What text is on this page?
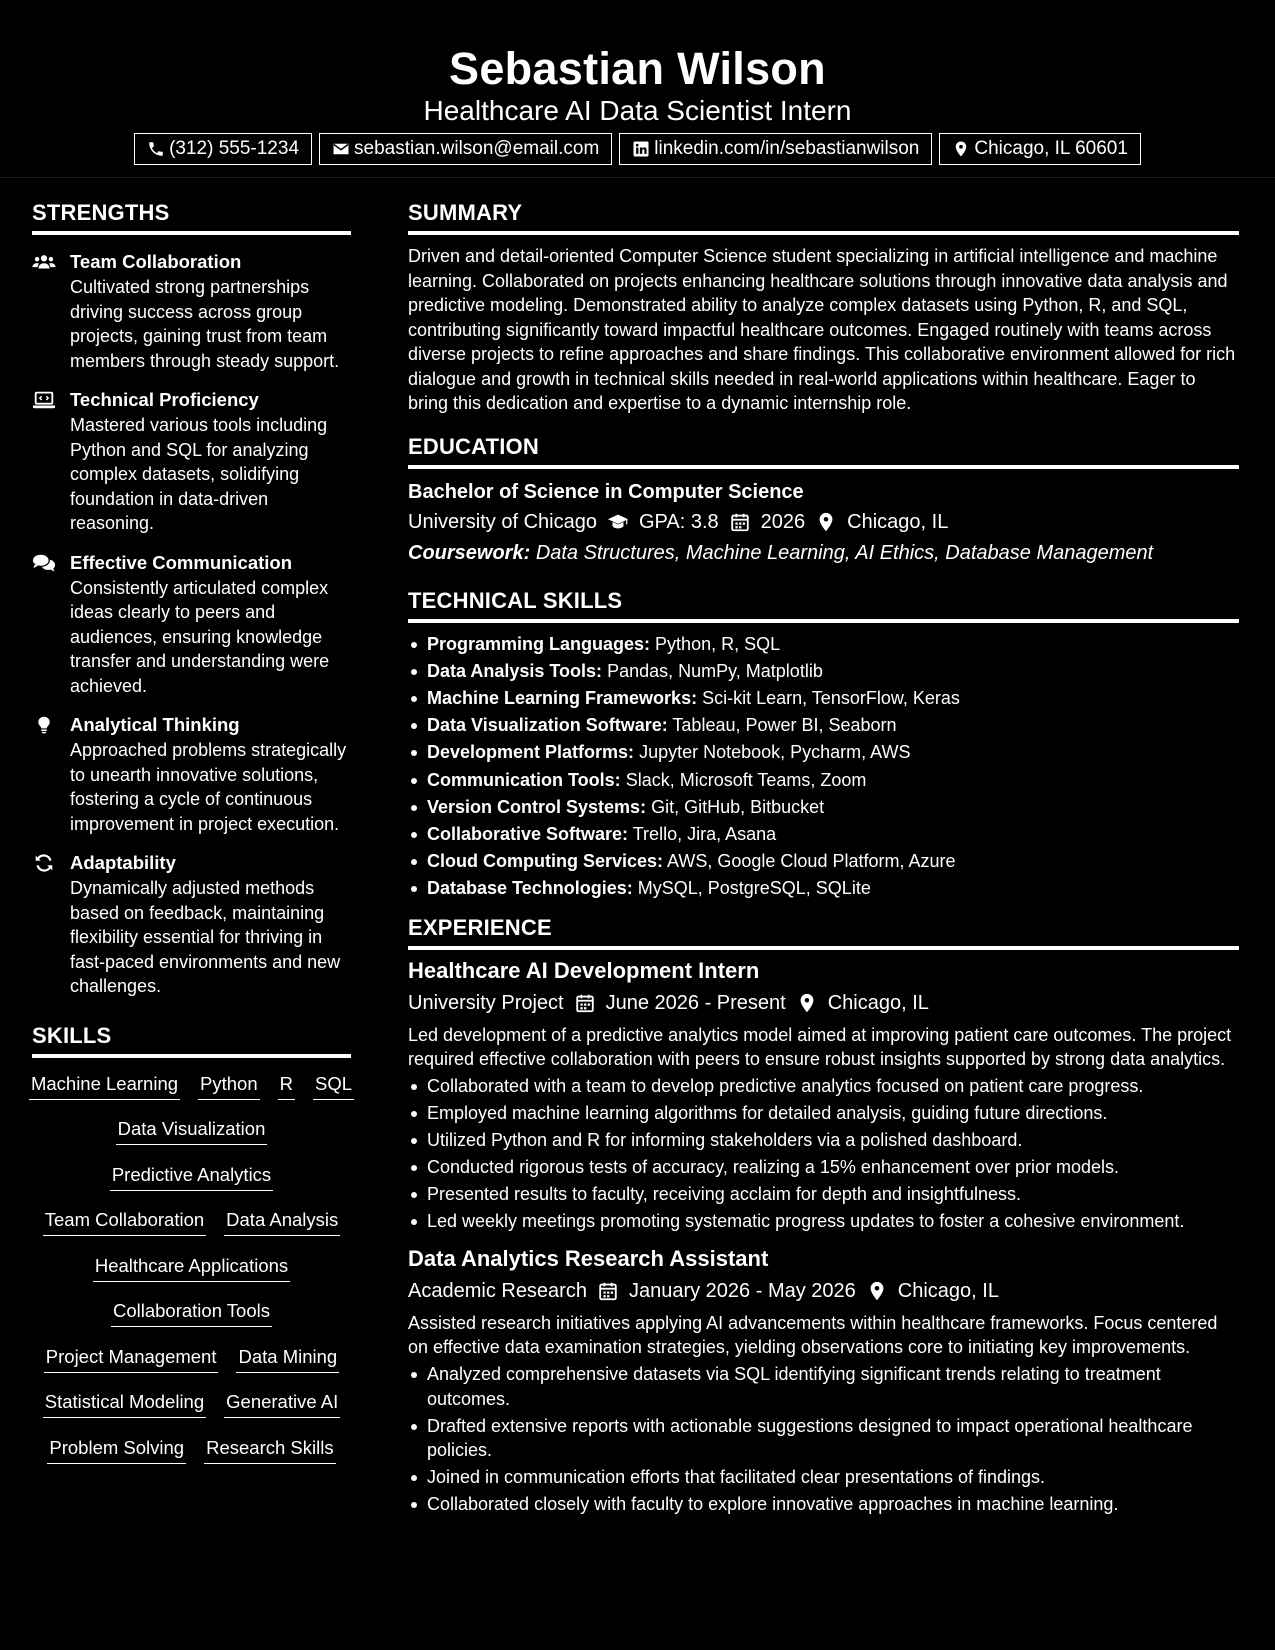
Sebastian Wilson
Healthcare AI Data Scientist Intern
(312) 555-1234	sebastian.wilson@email.com	linkedin.com/in/sebastianwilson	Chicago, IL 60601
STRENGTHS
Team Collaboration
Cultivated strong partnerships driving success across group projects, gaining trust from team members through steady support.
Technical Proficiency
Mastered various tools including Python and SQL for analyzing complex datasets, solidifying foundation in data-driven reasoning.
Effective Communication
Consistently articulated complex ideas clearly to peers and audiences, ensuring knowledge transfer and understanding were achieved.
Analytical Thinking
Approached problems strategically to unearth innovative solutions, fostering a cycle of continuous improvement in project execution.
Adaptability
Dynamically adjusted methods based on feedback, maintaining flexibility essential for thriving in fast-paced environments and new challenges.
SKILLS
Machine Learning Python R SQL
Data Visualization
Predictive Analytics
Team Collaboration Data Analysis
Healthcare Applications
Collaboration Tools
Project Management Data Mining
Statistical Modeling Generative AI
Problem Solving Research Skills
SUMMARY
Driven and detail-oriented Computer Science student specializing in artificial intelligence and machine learning. Collaborated on projects enhancing healthcare solutions through innovative data analysis and predictive modeling. Demonstrated ability to analyze complex datasets using Python, R, and SQL, contributing significantly toward impactful healthcare outcomes. Engaged routinely with teams across diverse projects to refine approaches and share findings. This collaborative environment allowed for rich dialogue and growth in technical skills needed in real-world applications within healthcare. Eager to bring this dedication and expertise to a dynamic internship role.
EDUCATION
Bachelor of Science in Computer Science
University of Chicago GPA: 3.8 2026 Chicago, IL
Coursework: Data Structures, Machine Learning, AI Ethics, Database Management
TECHNICAL SKILLS
Programming Languages: Python, R, SQL
Data Analysis Tools: Pandas, NumPy, Matplotlib
Machine Learning Frameworks: Sci-kit Learn, TensorFlow, Keras
Data Visualization Software: Tableau, Power BI, Seaborn
Development Platforms: Jupyter Notebook, Pycharm, AWS
Communication Tools: Slack, Microsoft Teams, Zoom
Version Control Systems: Git, GitHub, Bitbucket
Collaborative Software: Trello, Jira, Asana
Cloud Computing Services: AWS, Google Cloud Platform, Azure
Database Technologies: MySQL, PostgreSQL, SQLite
EXPERIENCE
Healthcare AI Development Intern
University Project June 2026 - Present Chicago, IL
Led development of a predictive analytics model aimed at improving patient care outcomes. The project required effective collaboration with peers to ensure robust insights supported by strong data analytics.
Collaborated with a team to develop predictive analytics focused on patient care progress.
Employed machine learning algorithms for detailed analysis, guiding future directions.
Utilized Python and R for informing stakeholders via a polished dashboard.
Conducted rigorous tests of accuracy, realizing a 15% enhancement over prior models.
Presented results to faculty, receiving acclaim for depth and insightfulness.
Led weekly meetings promoting systematic progress updates to foster a cohesive environment.
Data Analytics Research Assistant
Academic Research January 2026 - May 2026 Chicago, IL
Assisted research initiatives applying AI advancements within healthcare frameworks. Focus centered on effective data examination strategies, yielding observations core to initiating key improvements.
Analyzed comprehensive datasets via SQL identifying significant trends relating to treatment outcomes.
Drafted extensive reports with actionable suggestions designed to impact operational healthcare policies.
Joined in communication efforts that facilitated clear presentations of findings.
Collaborated closely with faculty to explore innovative approaches in machine learning.
